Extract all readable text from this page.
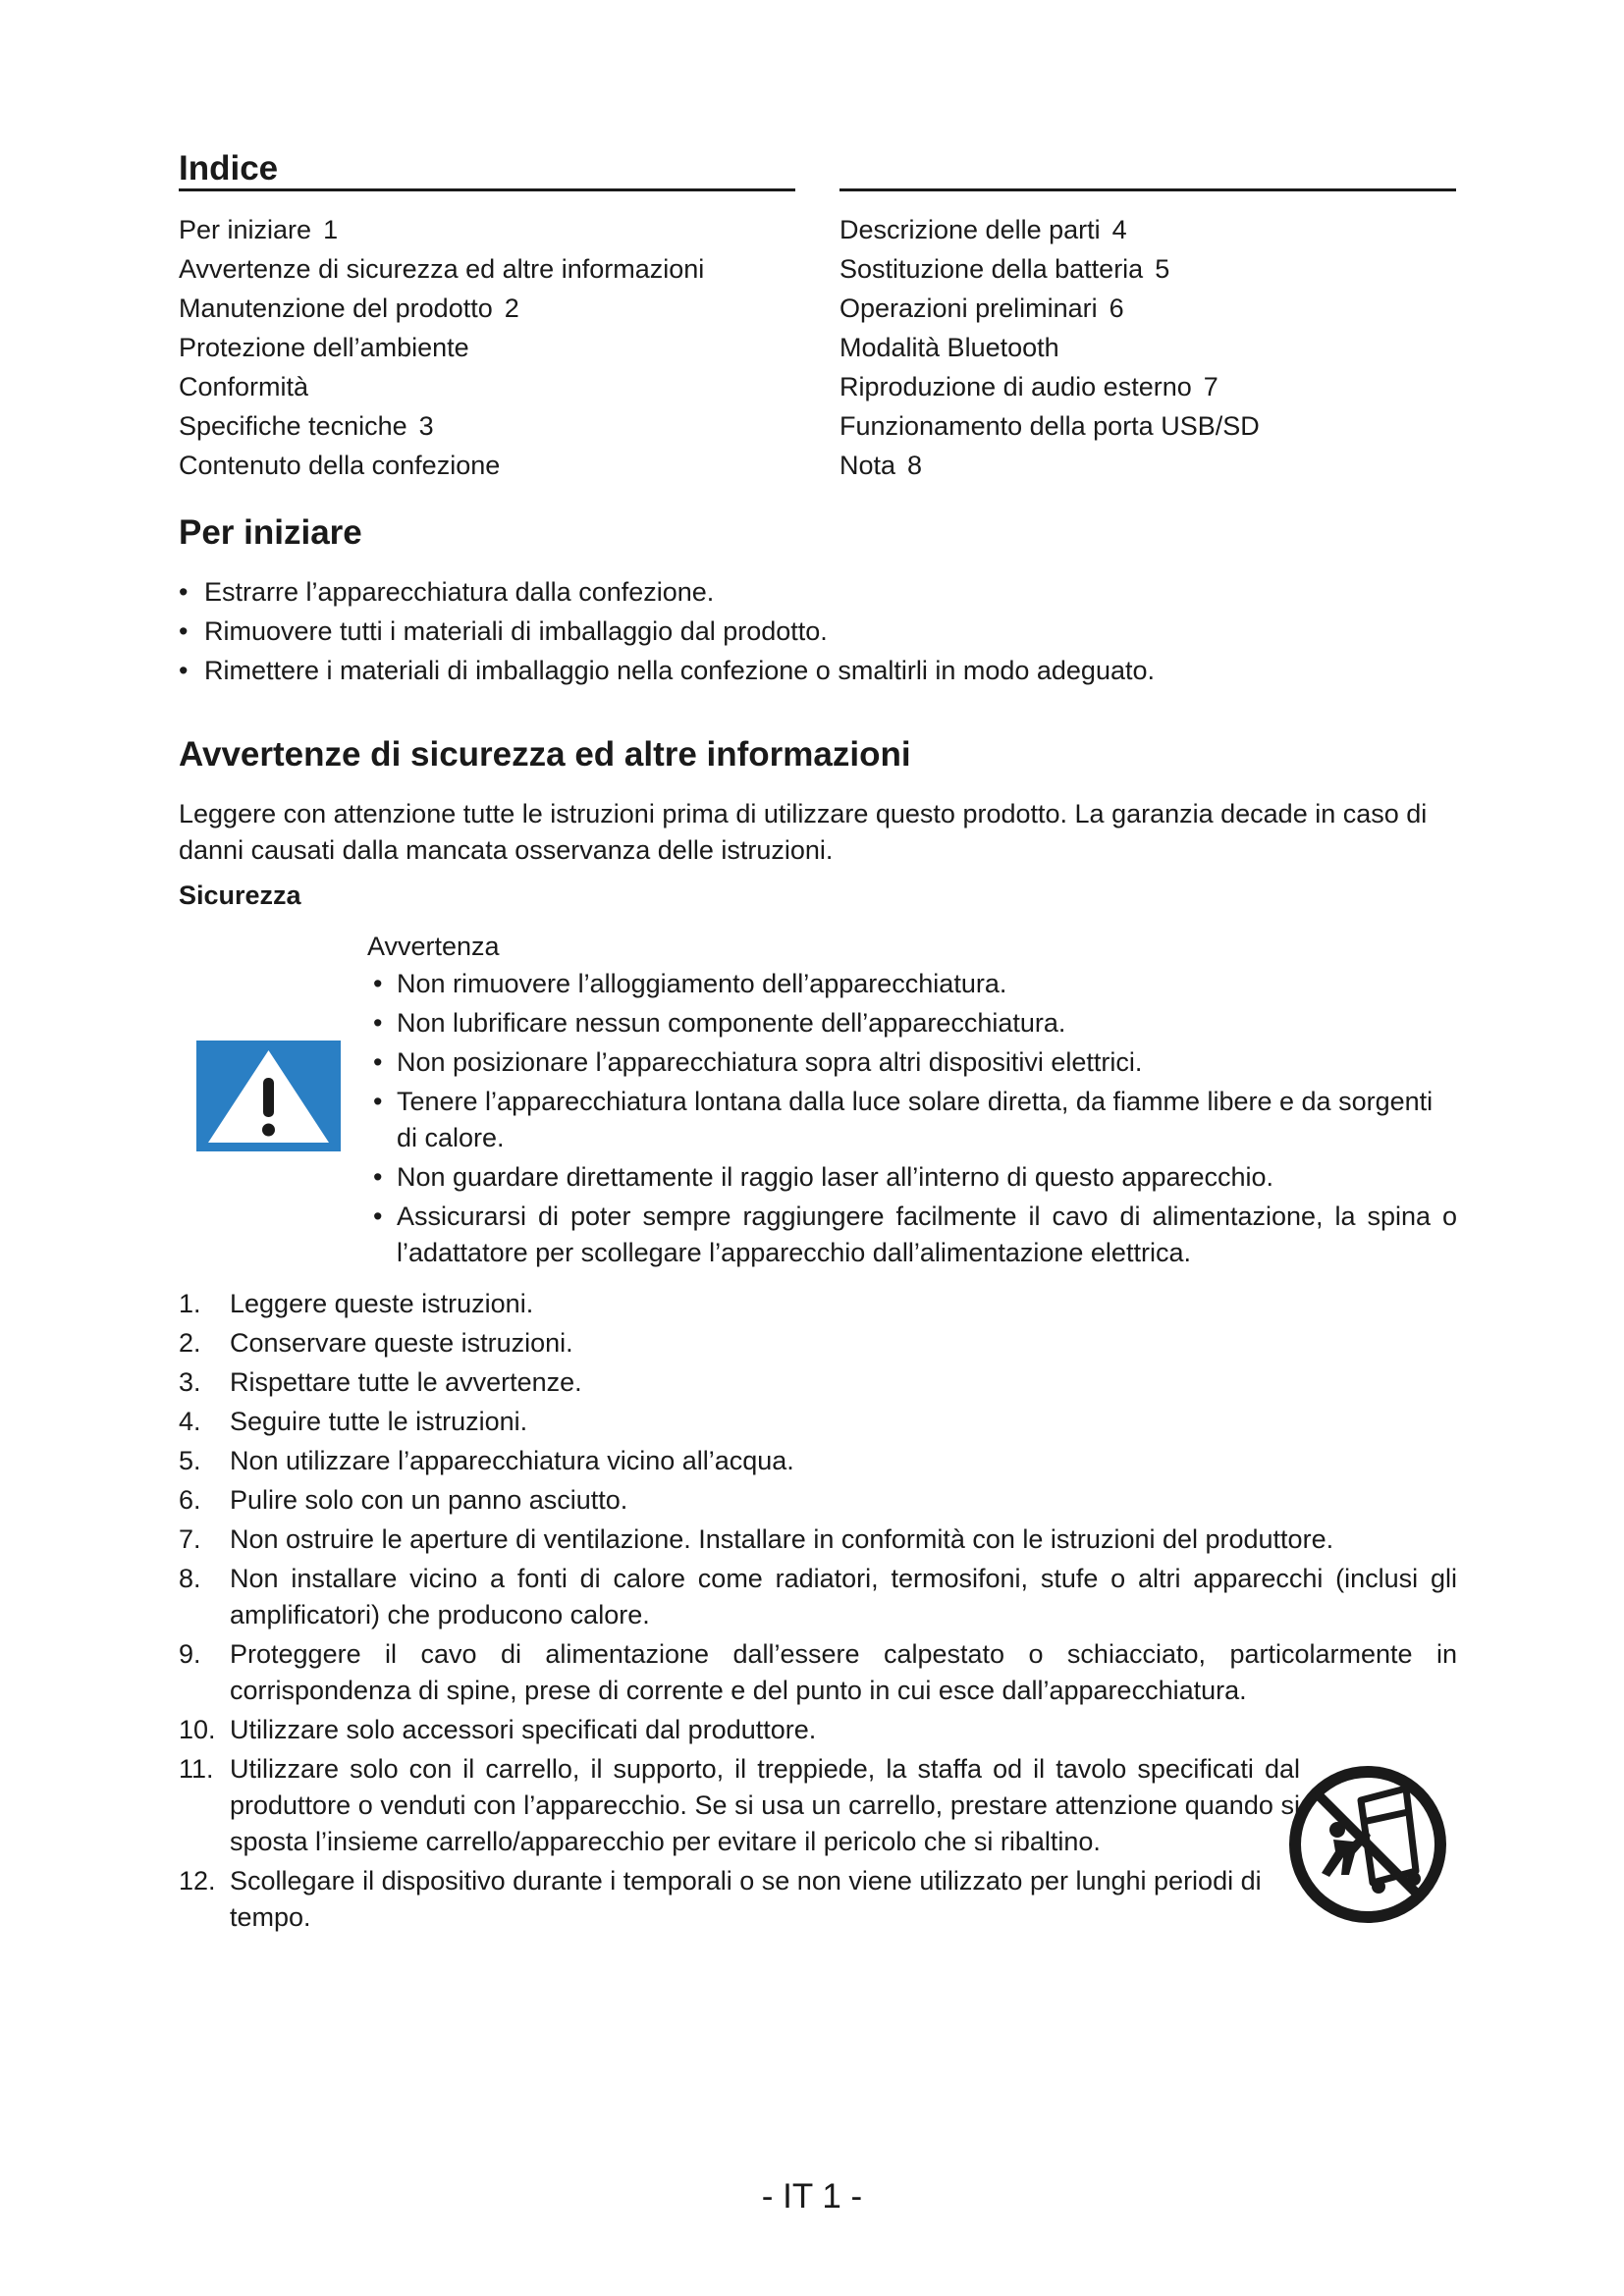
Indice
Per iniziare 1
Avvertenze di sicurezza ed altre informazioni
Manutenzione del prodotto 2
Protezione dell’ambiente
Conformità
Specifiche tecniche 3
Contenuto della confezione
Descrizione delle parti 4
Sostituzione della batteria 5
Operazioni preliminari 6
Modalità Bluetooth
Riproduzione di audio esterno 7
Funzionamento della porta USB/SD
Nota 8
Per iniziare
• Estrarre l’apparecchiatura dalla confezione.
• Rimuovere tutti i materiali di imballaggio dal prodotto.
• Rimettere i materiali di imballaggio nella confezione o smaltirli in modo adeguato.
Avvertenze di sicurezza ed altre informazioni
Leggere con attenzione tutte le istruzioni prima di utilizzare questo prodotto. La garanzia decade in caso di danni causati dalla mancata osservanza delle istruzioni.
Sicurezza
Avvertenza
• Non rimuovere l’alloggiamento dell’apparecchiatura.
• Non lubrificare nessun componente dell’apparecchiatura.
• Non posizionare l’apparecchiatura sopra altri dispositivi elettrici.
• Tenere l’apparecchiatura lontana dalla luce solare diretta, da fiamme libere e da sorgenti di calore.
• Non guardare direttamente il raggio laser all’interno di questo apparecchio.
• Assicurarsi di poter sempre raggiungere facilmente il cavo di alimentazione, la spina o l’adattatore per scollegare l’apparecchio dall’alimentazione elettrica.
1. Leggere queste istruzioni.
2. Conservare queste istruzioni.
3. Rispettare tutte le avvertenze.
4. Seguire tutte le istruzioni.
5. Non utilizzare l’apparecchiatura vicino all’acqua.
6. Pulire solo con un panno asciutto.
7. Non ostruire le aperture di ventilazione. Installare in conformità con le istruzioni del produttore.
8. Non installare vicino a fonti di calore come radiatori, termosifoni, stufe o altri apparecchi (inclusi gli amplificatori) che producono calore.
9. Proteggere il cavo di alimentazione dall’essere calpestato o schiacciato, particolarmente in corrispondenza di spine, prese di corrente e del punto in cui esce dall’apparecchiatura.
10. Utilizzare solo accessori specificati dal produttore.
11. Utilizzare solo con il carrello, il supporto, il treppiede, la staffa od il tavolo specificati dal produttore o venduti con l’apparecchio. Se si usa un carrello, prestare attenzione quando si sposta l’insieme carrello/apparecchio per evitare il pericolo che si ribaltino.
12. Scollegare il dispositivo durante i temporali o se non viene utilizzato per lunghi periodi di tempo.
- IT 1 -
